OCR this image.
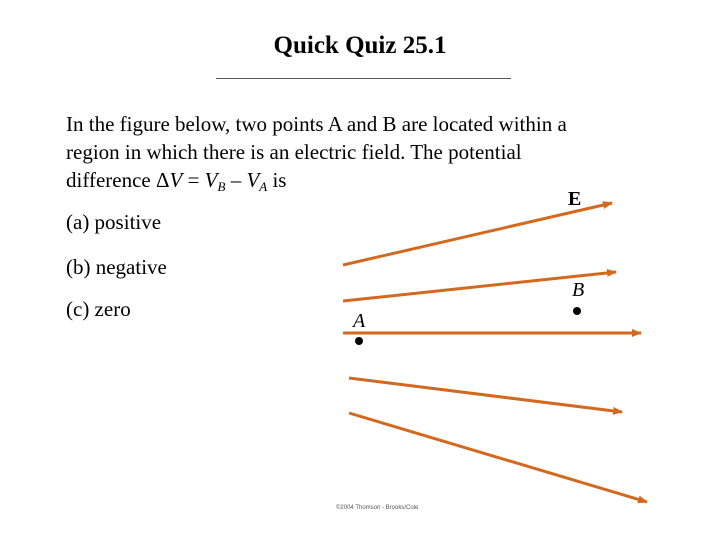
Quick Quiz 25.1
In the figure below, two points A and B are located within a
region in which there is an electric field. The potential
difference $\Delta V = V_B - V_A$ is
(a) positive
(b) negative
(c) zero
E
B
A
©2004 Thomson - Brooks/Cole
